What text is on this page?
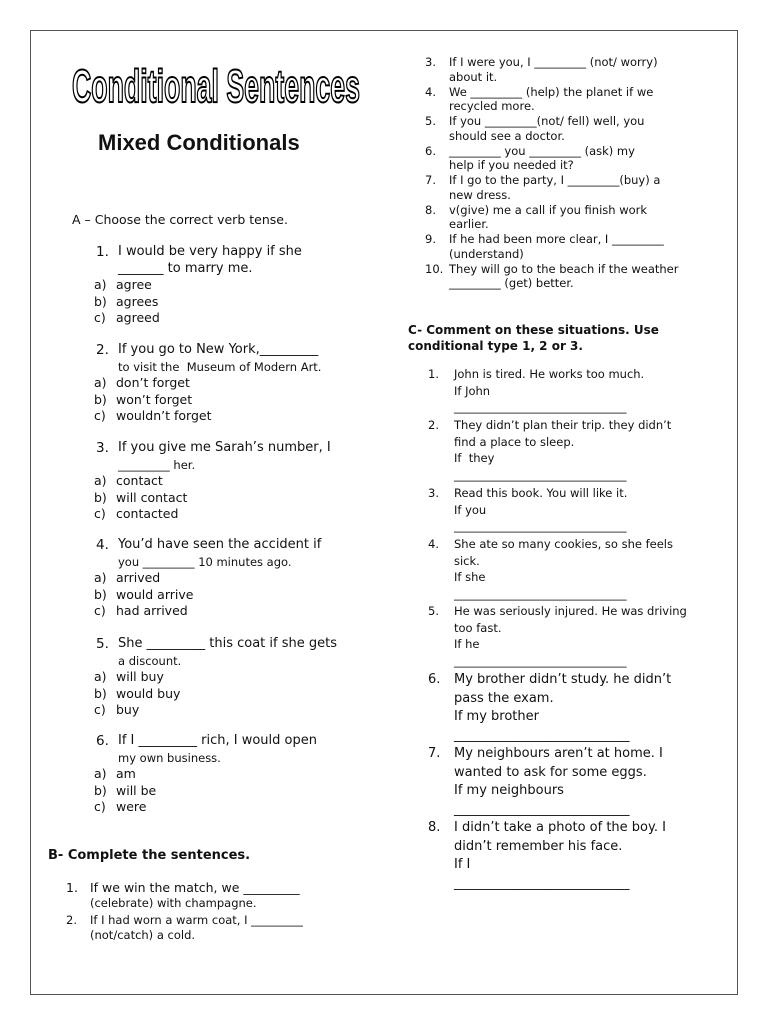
Conditional Sentences
Mixed Conditionals
A – Choose the correct verb tense.
1. I would be very happy if she
_______ to marry me.
a) agree
b) agrees
c) agreed
2. If you go to New York,_________
to visit the  Museum of Modern Art.
a) don’t forget
b) won’t forget
c) wouldn’t forget
3. If you give me Sarah’s number, I
_________ her.
a) contact
b) will contact
c) contacted
4. You’d have seen the accident if
you _________ 10 minutes ago.
a) arrived
b) would arrive
c) had arrived
5. She _________ this coat if she gets
a discount.
a) will buy
b) would buy
c) buy
6. If I _________ rich, I would open
my own business.
a) am
b) will be
c) were
B- Complete the sentences.
1. If we win the match, we _________
(celebrate) with champagne.
2. If I had worn a warm coat, I _________
(not/catch) a cold.
3. If I were you, I _________ (not/ worry)
about it.
4. We _________ (help) the planet if we
recycled more.
5. If you _________(not/ fell) well, you
should see a doctor.
6. _________ you _________ (ask) my
help if you needed it?
7. If I go to the party, I _________(buy) a
new dress.
8. v(give) me a call if you finish work
earlier.
9. If he had been more clear, I _________
(understand)
10. They will go to the beach if the weather
_________ (get) better.
C- Comment on these situations. Use
conditional type 1, 2 or 3.
1. John is tired. He works too much.
If John
______________________________
2. They didn’t plan their trip. they didn’t
find a place to sleep.
If  they
______________________________
3. Read this book. You will like it.
If you
______________________________
4. She ate so many cookies, so she feels
sick.
If she
______________________________
5. He was seriously injured. He was driving
too fast.
If he
______________________________
6. My brother didn’t study. he didn’t
pass the exam.
If my brother
___________________________
7. My neighbours aren’t at home. I
wanted to ask for some eggs.
If my neighbours
___________________________
8. I didn’t take a photo of the boy. I
didn’t remember his face.
If I
___________________________
